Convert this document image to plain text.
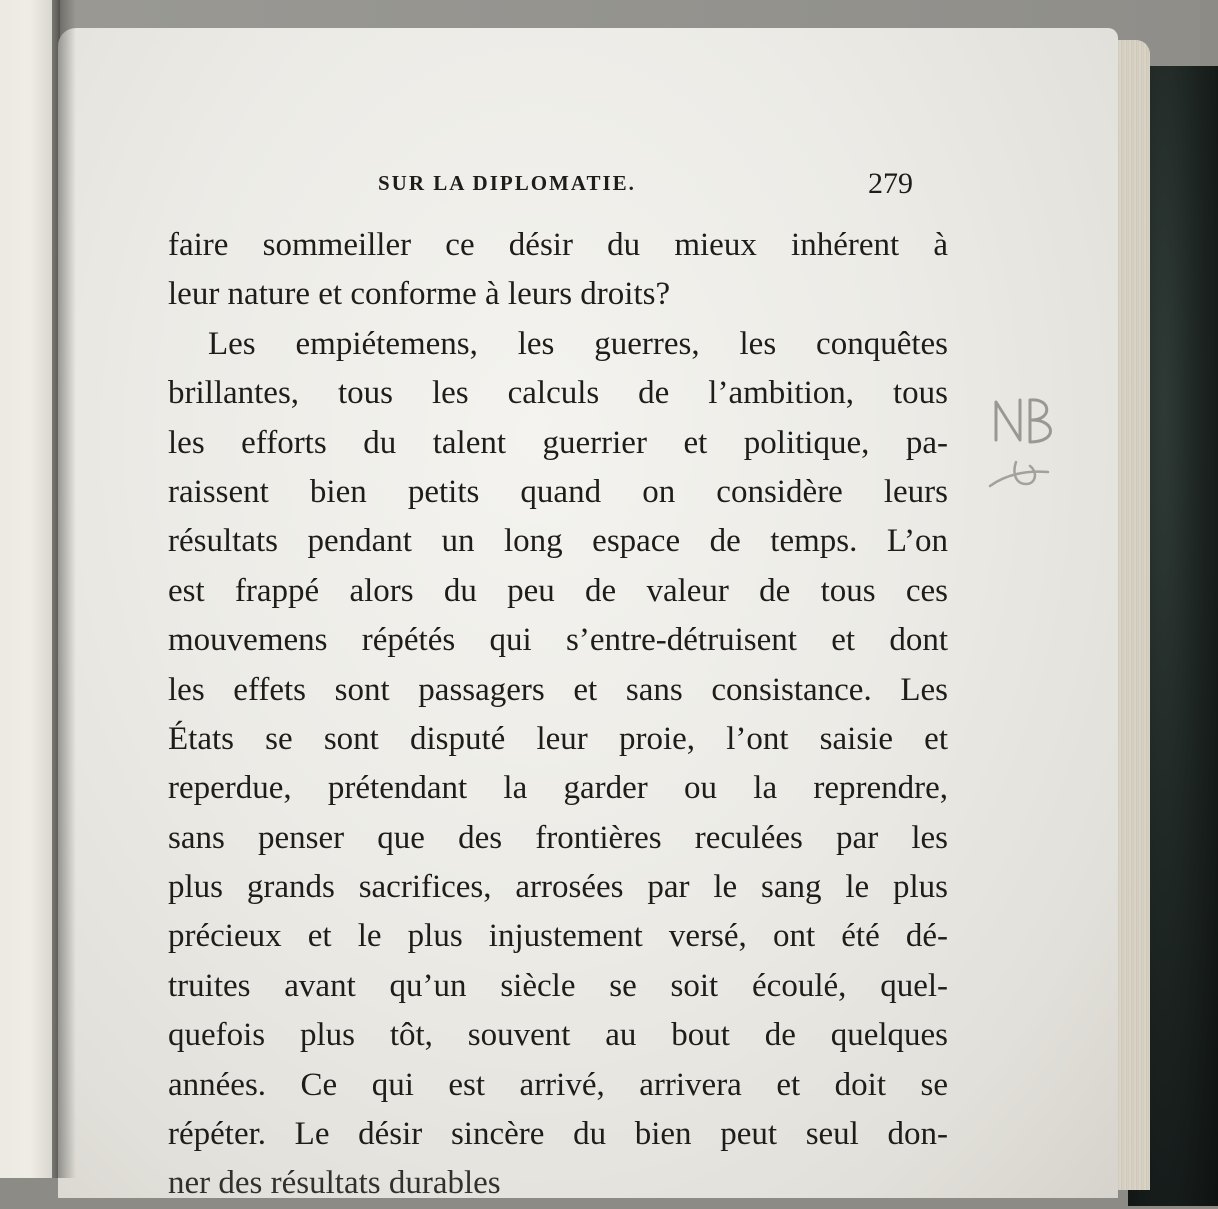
SUR LA DIPLOMATIE.	279
faire sommeiller ce désir du mieux inhérent à
leur nature et conforme à leurs droits?
Les empiétemens, les guerres, les conquêtes
brillantes, tous les calculs de l’ambition, tous
les efforts du talent guerrier et politique, pa-
raissent bien petits quand on considère leurs
résultats pendant un long espace de temps. L’on
est frappé alors du peu de valeur de tous ces
mouvemens répétés qui s’entre-détruisent et dont
les effets sont passagers et sans consistance. Les
États se sont disputé leur proie, l’ont saisie et
reperdue, prétendant la garder ou la reprendre,
sans penser que des frontières reculées par les
plus grands sacrifices, arrosées par le sang le plus
précieux et le plus injustement versé, ont été dé-
truites avant qu’un siècle se soit écoulé, quel-
quefois plus tôt, souvent au bout de quelques
années. Ce qui est arrivé, arrivera et doit se
répéter. Le désir sincère du bien peut seul don-
ner des résultats durables
